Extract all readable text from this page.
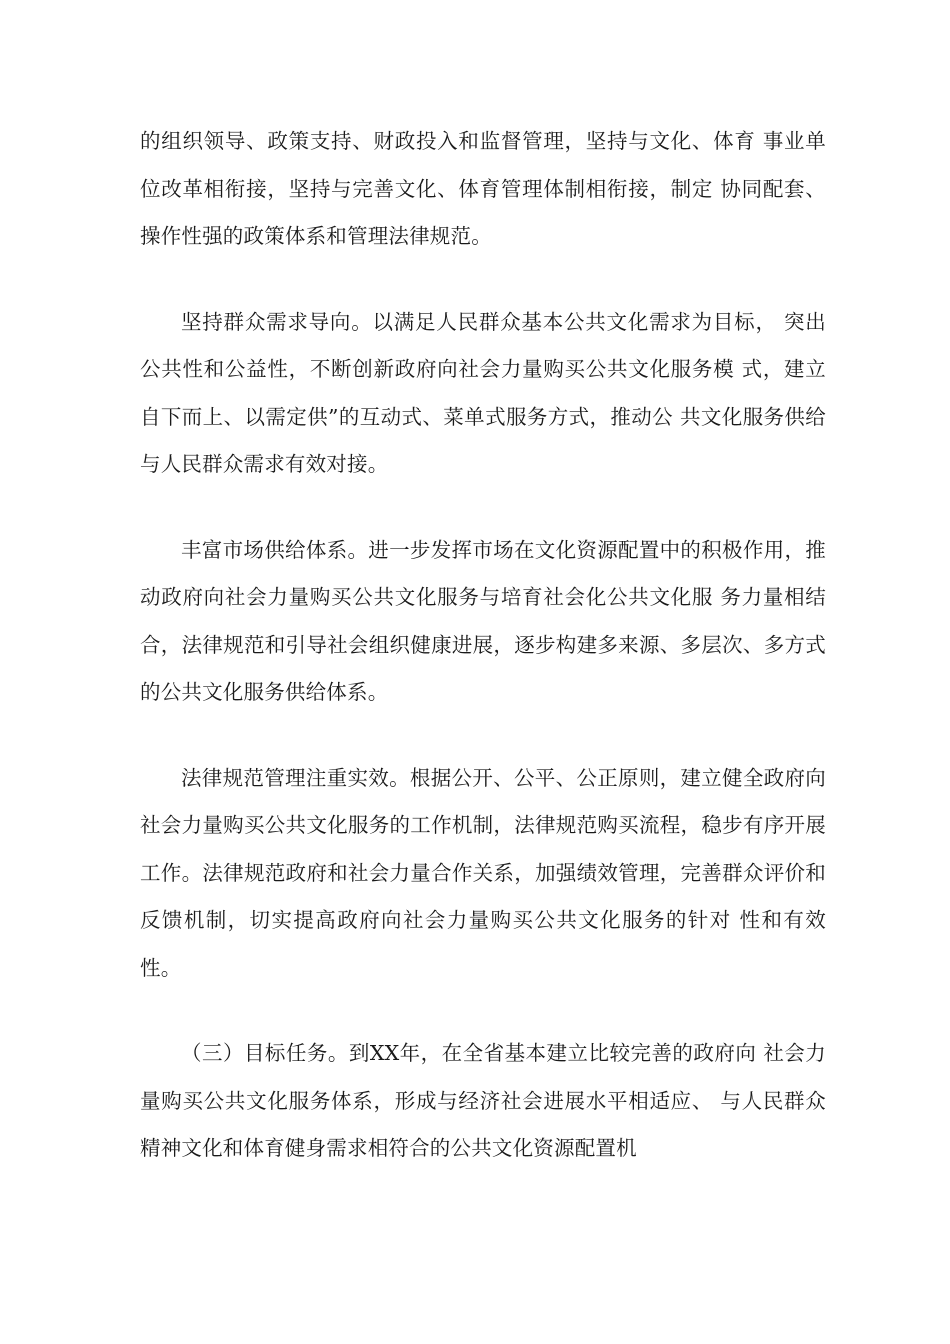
的组织领导、政策支持、财政投入和监督管理，坚持与文化、体育 事业单位改革相衔接，坚持与完善文化、体育管理体制相衔接，制定 协同配套、操作性强的政策体系和管理法律规范。

坚持群众需求导向。以满足人民群众基本公共文化需求为目标， 突出公共性和公益性，不断创新政府向社会力量购买公共文化服务模 式，建立自下而上、以需定供”的互动式、菜单式服务方式，推动公 共文化服务供给与人民群众需求有效对接。

丰富市场供给体系。进一步发挥市场在文化资源配置中的积极作用，推动政府向社会力量购买公共文化服务与培育社会化公共文化服 务力量相结合，法律规范和引导社会组织健康进展，逐步构建多来源、多层次、多方式的公共文化服务供给体系。

法律规范管理注重实效。根据公开、公平、公正原则，建立健全政府向社会力量购买公共文化服务的工作机制，法律规范购买流程，稳步有序开展工作。法律规范政府和社会力量合作关系，加强绩效管理，完善群众评价和反馈机制，切实提高政府向社会力量购买公共文化服务的针对 性和有效性。

（三）目标任务。到XX年，在全省基本建立比较完善的政府向 社会力量购买公共文化服务体系，形成与经济社会进展水平相适应、 与人民群众精神文化和体育健身需求相符合的公共文化资源配置机
